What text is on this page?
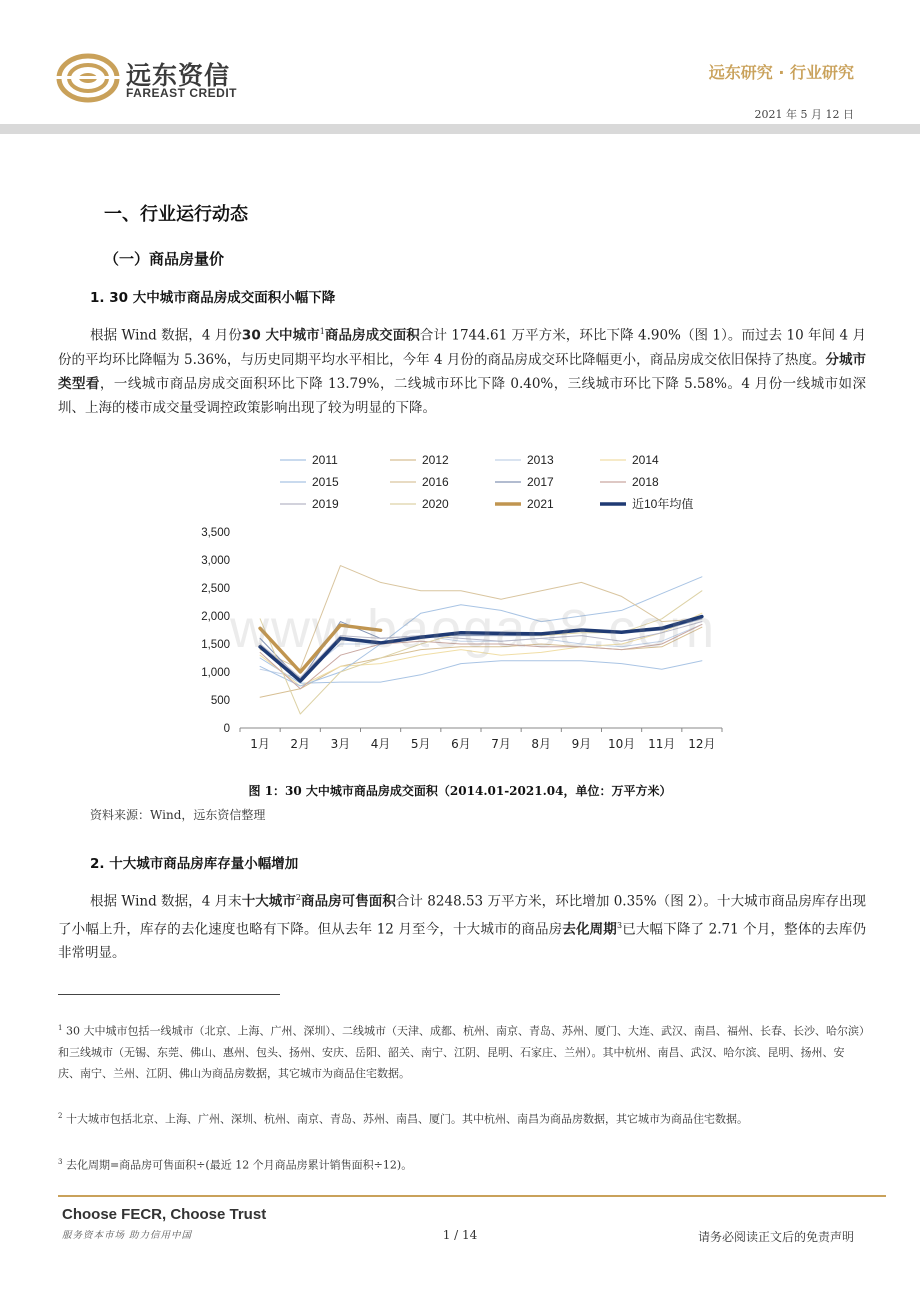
远东资信
FAREAST CREDIT
远东研究 · 行业研究
2021 年 5 月 12 日
一、行业运行动态
（一）商品房量价
1. 30 大中城市商品房成交面积小幅下降
根据 Wind 数据，4 月份30 大中城市$^1$商品房成交面积合计 1744.61 万平方米，环比下降 4.90%（图 1）。而过去 10 年间 4 月份的平均环比降幅为 5.36%，与历史同期平均水平相比，今年 4 月份的商品房成交环比降幅更小，商品房成交依旧保持了热度。分城市类型看，一线城市商品房成交面积环比下降 13.79%，二线城市环比下降 0.40%，三线城市环比下降 5.58%。4 月份一线城市如深圳、上海的楼市成交量受调控政策影响出现了较为明显的下降。
2011	2012	2013	2014
2015	2016	2017	2018
2019	2020	2021	近10年均值
0
500
1,000
1,500
2,000
2,500
3,000
3,500
1月 2月 3月 4月 5月 6月 7月 8月 9月 10月 11月 12月
www.baogao8.com
图 1：30 大中城市商品房成交面积（2014.01-2021.04，单位：万平方米）
资料来源：Wind，远东资信整理
2. 十大城市商品房库存量小幅增加
根据 Wind 数据，4 月末十大城市$^2$商品房可售面积合计 8248.53 万平方米，环比增加 0.35%（图 2）。十大城市商品房库存出现了小幅上升，库存的去化速度也略有下降。但从去年 12 月至今，十大城市的商品房去化周期$^3$已大幅下降了 2.71 个月，整体的去库仍非常明显。
$^1$ 30 大中城市包括一线城市（北京、上海、广州、深圳）、二线城市（天津、成都、杭州、南京、青岛、苏州、厦门、大连、武汉、南昌、福州、长春、长沙、哈尔滨）和三线城市（无锡、东莞、佛山、惠州、包头、扬州、安庆、岳阳、韶关、南宁、江阴、昆明、石家庄、兰州）。其中杭州、南昌、武汉、哈尔滨、昆明、扬州、安庆、南宁、兰州、江阴、佛山为商品房数据，其它城市为商品住宅数据。
$^2$ 十大城市包括北京、上海、广州、深圳、杭州、南京、青岛、苏州、南昌、厦门。其中杭州、南昌为商品房数据，其它城市为商品住宅数据。
$^3$ 去化周期=商品房可售面积÷(最近 12 个月商品房累计销售面积÷12)。
Choose FECR, Choose Trust
服务资本市场 助力信用中国	1 / 14	请务必阅读正文后的免责声明
